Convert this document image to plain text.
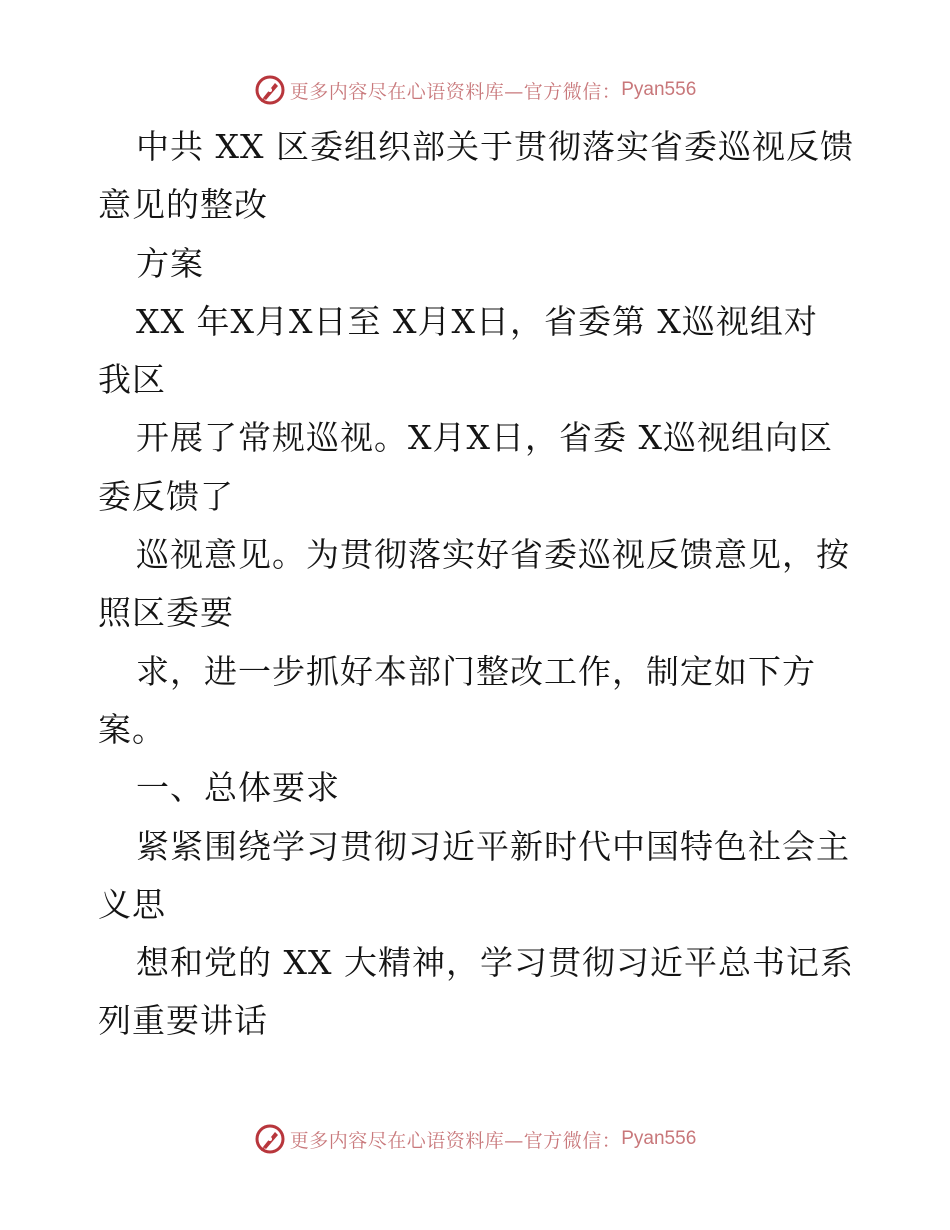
更多内容尽在心语资料库—官方微信： Pyan556
中共 XX 区委组织部关于贯彻落实省委巡视反馈
意见的整改
方案
XX 年X月X日至 X月X日，省委第 X巡视组对
我区
开展了常规巡视。X月X日，省委 X巡视组向区
委反馈了
巡视意见。为贯彻落实好省委巡视反馈意见，按
照区委要
求，进一步抓好本部门整改工作，制定如下方
案。
一、总体要求
紧紧围绕学习贯彻习近平新时代中国特色社会主
义思
想和党的 XX 大精神，学习贯彻习近平总书记系
列重要讲话
更多内容尽在心语资料库—官方微信： Pyan556
